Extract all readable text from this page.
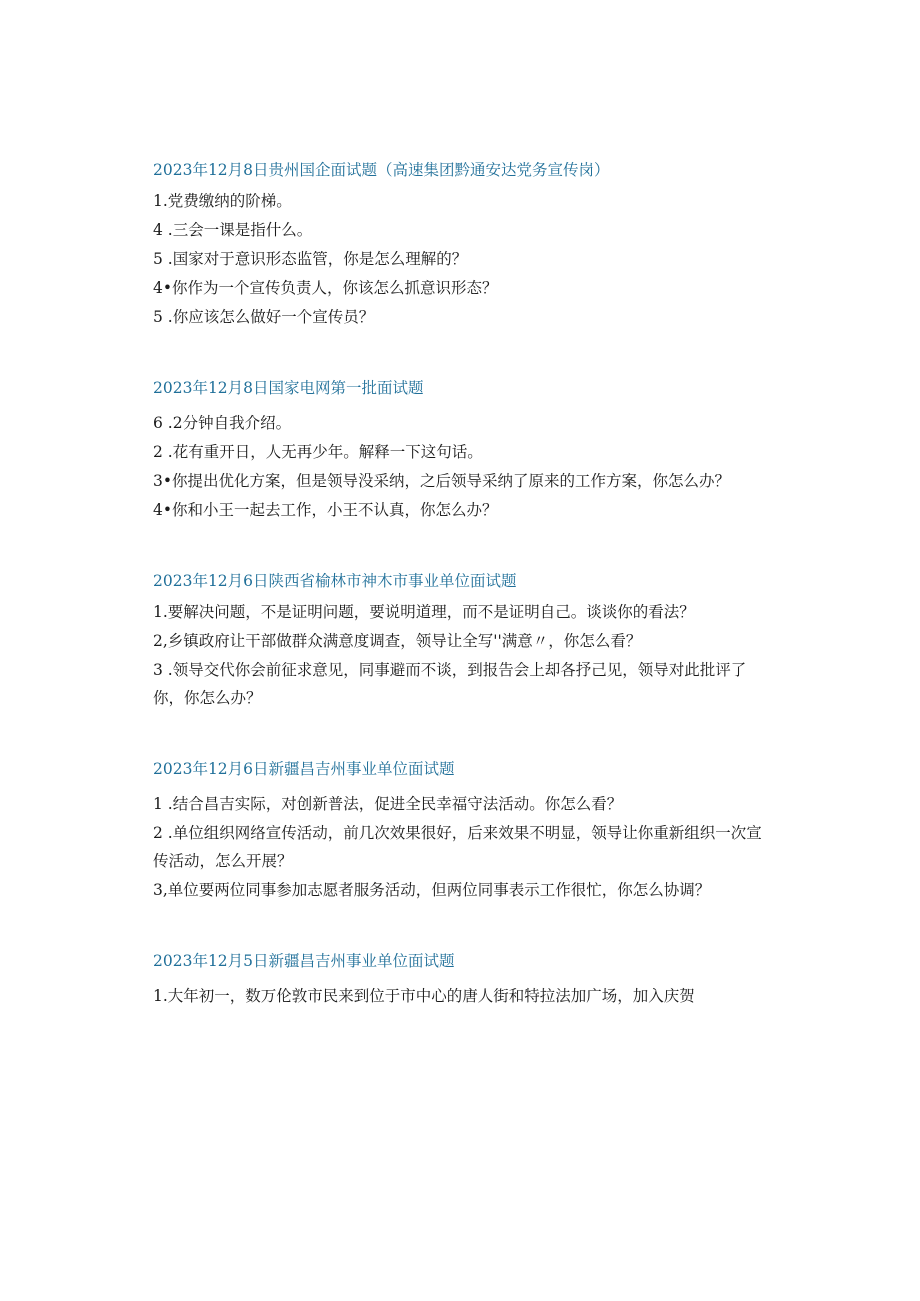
2023年12月8日贵州国企面试题（高速集团黔通安达党务宣传岗）
1.党费缴纳的阶梯。
4 .三会一课是指什么。
5 .国家对于意识形态监管，你是怎么理解的？
4•你作为一个宣传负责人，你该怎么抓意识形态？
5 .你应该怎么做好一个宣传员？
2023年12月8日国家电网第一批面试题
6 .2分钟自我介绍。
2 .花有重开日，人无再少年。解释一下这句话。
3•你提出优化方案，但是领导没采纳，之后领导采纳了原来的工作方案，你怎么办？
4•你和小王一起去工作，小王不认真，你怎么办？
2023年12月6日陕西省榆林市神木市事业单位面试题
1.要解决问题，不是证明问题，要说明道理，而不是证明自己。谈谈你的看法？
2,乡镇政府让干部做群众满意度调查，领导让全写''满意〃，你怎么看？
3 .领导交代你会前征求意见，同事避而不谈，到报告会上却各抒己见，领导对此批评了你，你怎么办？
2023年12月6日新疆昌吉州事业单位面试题
1 .结合昌吉实际，对创新普法，促进全民幸福守法活动。你怎么看？
2 .单位组织网络宣传活动，前几次效果很好，后来效果不明显，领导让你重新组织一次宣传活动，怎么开展？
3,单位要两位同事参加志愿者服务活动，但两位同事表示工作很忙，你怎么协调？
2023年12月5日新疆昌吉州事业单位面试题
1.大年初一，数万伦敦市民来到位于市中心的唐人街和特拉法加广场，加入庆贺
